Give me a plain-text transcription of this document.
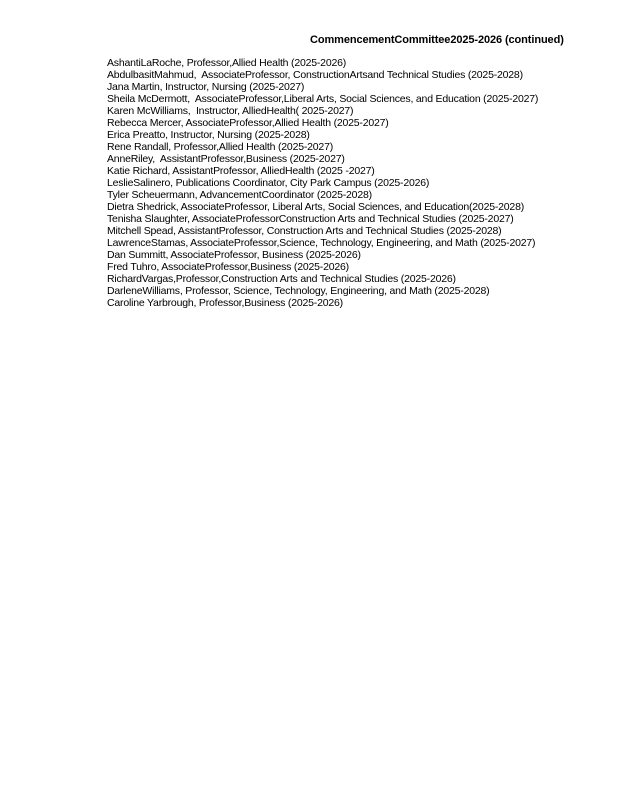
CommencementCommittee2025-2026 (continued)
AshantiLaRoche, Professor,Allied Health (2025-2026)
AbdulbasitMahmud,  AssociateProfessor, ConstructionArtsand Technical Studies (2025-2028)
Jana Martin, Instructor, Nursing (2025-2027)
Sheila McDermott,  AssociateProfessor,Liberal Arts, Social Sciences, and Education (2025-2027)
Karen McWilliams,  Instructor, AlliedHealth( 2025-2027)
Rebecca Mercer, AssociateProfessor,Allied Health (2025-2027)
Erica Preatto, Instructor, Nursing (2025-2028)
Rene Randall, Professor,Allied Health (2025-2027)
AnneRiley,  AssistantProfessor,Business (2025-2027)
Katie Richard, AssistantProfessor, AlliedHealth (2025 -2027)
LeslieSalinero, Publications Coordinator, City Park Campus (2025-2026)
Tyler Scheuermann, AdvancementCoordinator (2025-2028)
Dietra Shedrick, AssociateProfessor, Liberal Arts, Social Sciences, and Education(2025-2028)
Tenisha Slaughter, AssociateProfessorConstruction Arts and Technical Studies (2025-2027)
Mitchell Spead, AssistantProfessor, Construction Arts and Technical Studies (2025-2028)
LawrenceStamas, AssociateProfessor,Science, Technology, Engineering, and Math (2025-2027)
Dan Summitt, AssociateProfessor, Business (2025-2026)
Fred Tuhro, AssociateProfessor,Business (2025-2026)
RichardVargas,Professor,Construction Arts and Technical Studies (2025-2026)
DarleneWilliams, Professor, Science, Technology, Engineering, and Math (2025-2028)
Caroline Yarbrough, Professor,Business (2025-2026)
